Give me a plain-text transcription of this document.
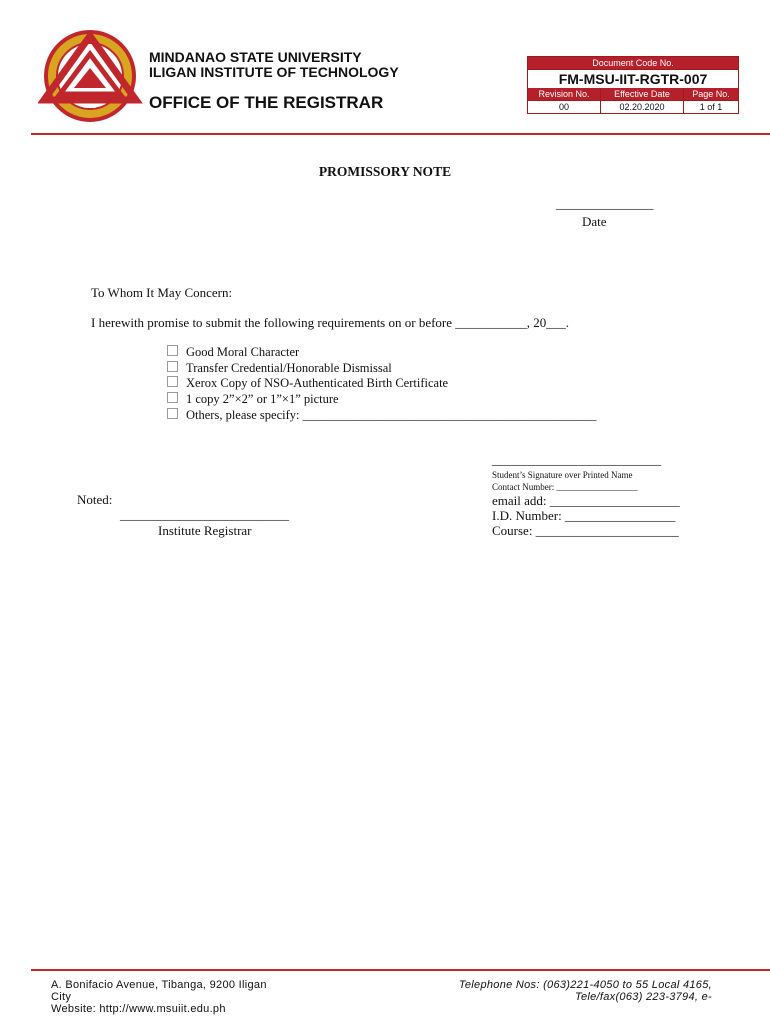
MSU
MINDANAO STATE UNIVERSITY
ILIGAN INSTITUTE OF TECHNOLOGY
OFFICE OF THE REGISTRAR
Document Code No.
FM-MSU-IIT-RGTR-007
Revision No.	Effective Date	Page No.
00	02.20.2020	1 of 1
PROMISSORY NOTE
_______________
Date
To Whom It May Concern:
I herewith promise to submit the following requirements on or before ___________, 20___.
Good Moral Character
Transfer Credential/Honorable Dismissal
Xerox Copy of NSO-Authenticated Birth Certificate
1 copy 2”×2” or 1”×1” picture
Others, please specify: _______________________________________________
__________________________
Student’s Signature over Printed Name
Contact Number: __________________
email add: ____________________
I.D. Number: _________________
Course: ______________________
Noted:
__________________________
Institute Registrar
A. Bonifacio Avenue, Tibanga, 9200 Iligan
City
Website: http://www.msuiit.edu.ph
Telephone Nos: (063)221-4050 to 55 Local 4165,
Tele/fax(063) 223-3794, e-
